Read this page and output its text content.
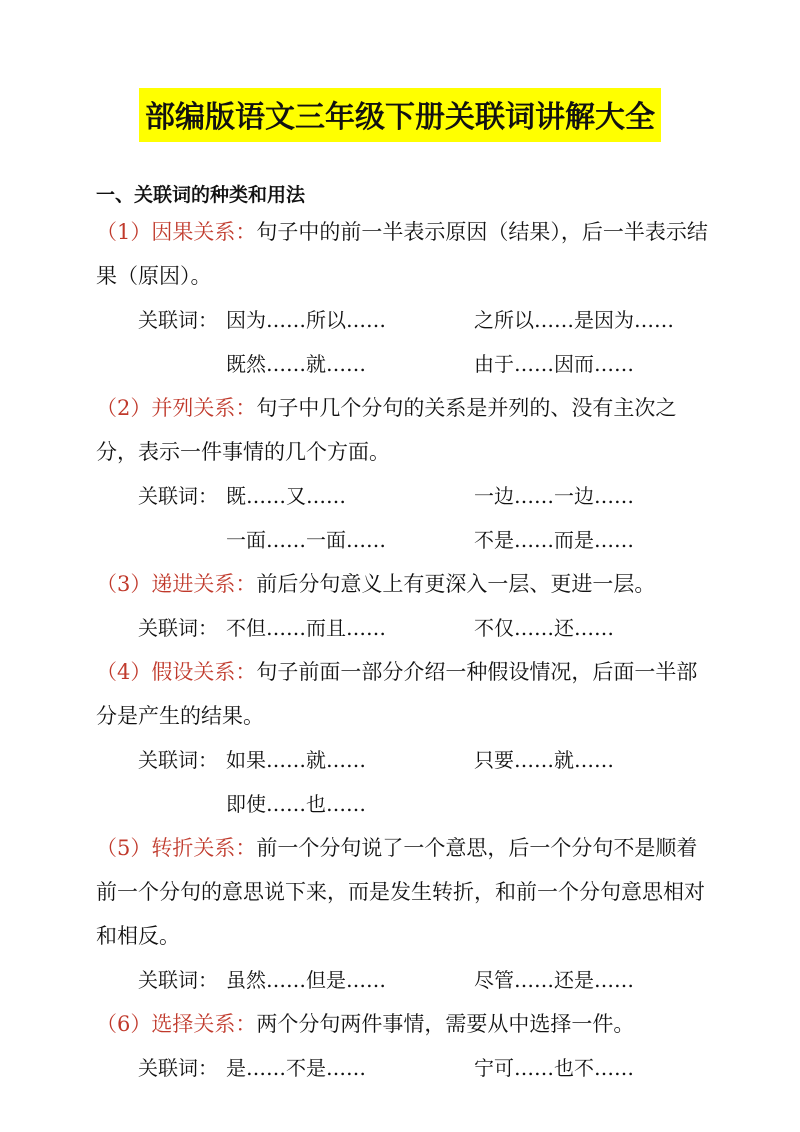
部编版语文三年级下册关联词讲解大全
一、关联词的种类和用法
（1）因果关系：句子中的前一半表示原因（结果），后一半表示结果（原因）。
关联词： 因为……所以……	之所以……是因为……
既然……就……	由于……因而……
（2）并列关系：句子中几个分句的关系是并列的、没有主次之分，表示一件事情的几个方面。
关联词： 既……又……	一边……一边……
一面……一面……	不是……而是……
（3）递进关系：前后分句意义上有更深入一层、更进一层。
关联词： 不但……而且……	不仅……还……
（4）假设关系：句子前面一部分介绍一种假设情况，后面一半部分是产生的结果。
关联词： 如果……就……	只要……就……
即使……也……
（5）转折关系：前一个分句说了一个意思，后一个分句不是顺着前一个分句的意思说下来，而是发生转折，和前一个分句意思相对和相反。
关联词： 虽然……但是……	尽管……还是……
（6）选择关系：两个分句两件事情，需要从中选择一件。
关联词： 是……不是……	宁可……也不……
